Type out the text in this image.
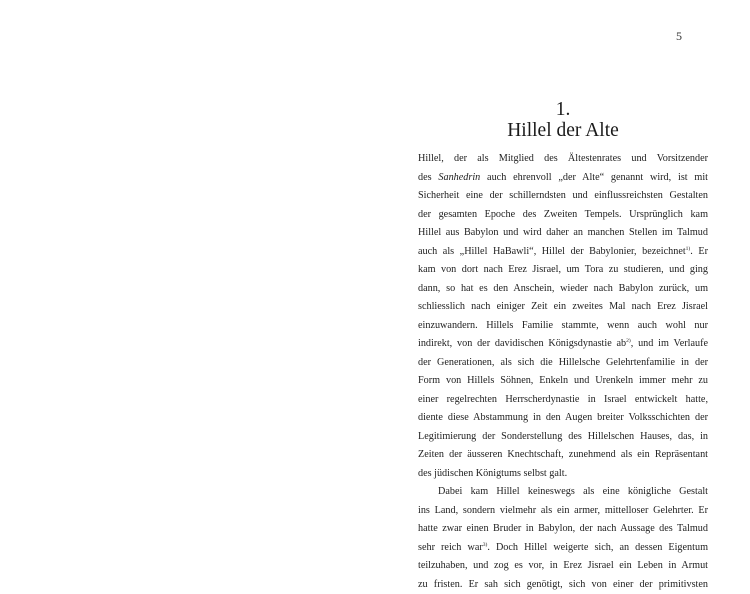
5
1.
Hillel der Alte
Hillel, der als Mitglied des Ältestenrates und Vorsitzender
des Sanhedrin auch ehrenvoll „der Alte“ genannt wird, ist mit
Sicherheit eine der schillerndsten und einflussreichsten Gestalten
der gesamten Epoche des Zweiten Tempels. Ursprünglich kam
Hillel aus Babylon und wird daher an manchen Stellen im Talmud
auch als „Hillel HaBawli“, Hillel der Babylonier, bezeichnet$^{1)}$. Er
kam von dort nach Erez Jisrael, um Tora zu studieren, und ging
dann, so hat es den Anschein, wieder nach Babylon zurück, um
schliesslich nach einiger Zeit ein zweites Mal nach Erez Jisrael
einzuwandern. Hillels Familie stammte, wenn auch wohl nur
indirekt, von der davidischen Königsdynastie $ab^{2)}$, und im Verlaufe
der Generationen, als sich die Hillelsche Gelehrtenfamilie in der
Form von Hillels Söhnen, Enkeln und Urenkeln immer mehr zu
einer regelrechten Herrscherdynastie in Israel entwickelt hatte,
diente diese Abstammung in den Augen breiter Volksschichten der
Legitimierung der Sonderstellung des Hillelschen Hauses, das, in
Zeiten der äusseren Knechtschaft, zunehmend als ein Repräsentant
des jüdischen Königtums selbst galt.
Dabei kam Hillel keineswegs als eine königliche Gestalt
ins Land, sondern vielmehr als ein armer, mittelloser Gelehrter. Er
hatte zwar einen Bruder in Babylon, der nach Aussage des Talmud
sehr reich war$^{3)}$. Doch Hillel weigerte sich, an dessen Eigentum
teilzuhaben, und zog es vor, in Erez Jisrael ein Leben in Armut
zu fristen. Er sah sich genötigt, sich von einer der primitivsten
